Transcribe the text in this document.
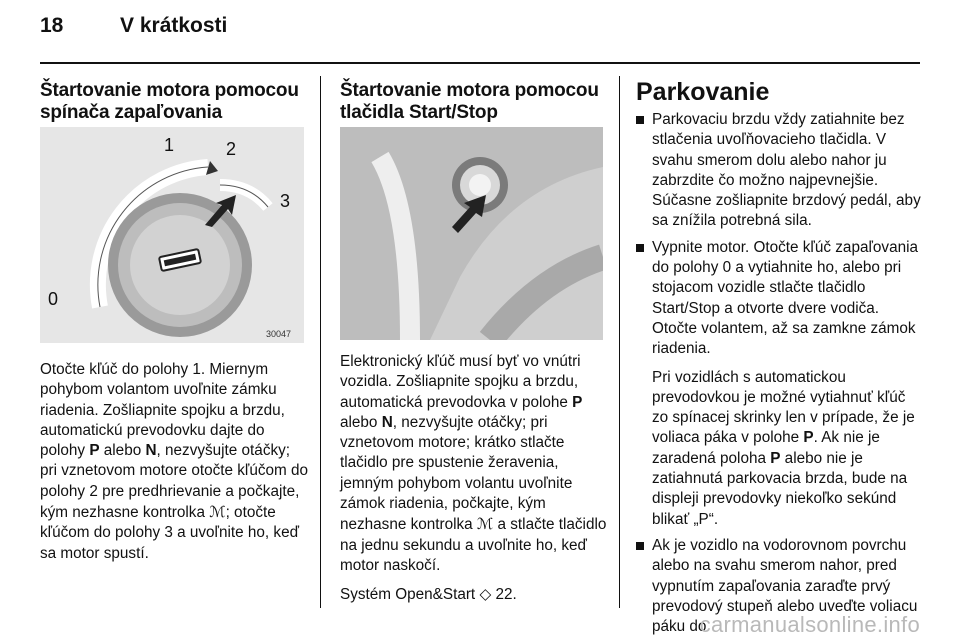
18	V krátkosti
Štartovanie motora pomocou spínača zapaľovania
0
1	2
3
30047

Otočte kľúč do polohy 1. Miernym pohybom volantom uvoľnite zámku riadenia. Zošliapnite spojku a brzdu, automatickú prevodovku dajte do polohy P alebo N, nezvyšujte otáčky; pri vznetovom motore otočte kľúčom do polohy 2 pre predhrievanie a počkajte, kým nezhasne kontrolka ℳ; otočte kľúčom do polohy 3 a uvoľnite ho, keď sa motor spustí.

Štartovanie motora pomocou tlačidla Start/Stop

Elektronický kľúč musí byť vo vnútri vozidla. Zošliapnite spojku a brzdu, automatická prevodovka v polohe P alebo N, nezvyšujte otáčky; pri vznetovom motore; krátko stlačte tlačidlo pre spustenie žeravenia, jemným pohybom volantu uvoľnite zámok riadenia, počkajte, kým nezhasne kontrolka ℳ a stlačte tlačidlo na jednu sekundu a uvoľnite ho, keď motor naskočí.

Systém Open&Start ◇ 22.

Parkovanie
Parkovaciu brzdu vždy zatiahnite bez stlačenia uvoľňovacieho tlačidla. V svahu smerom dolu alebo nahor ju zabrzdite čo možno najpevnejšie. Súčasne zošliapnite brzdový pedál, aby sa znížila potrebná sila.
Vypnite motor. Otočte kľúč zapaľovania do polohy 0 a vytiahnite ho, alebo pri stojacom vozidle stlačte tlačidlo Start/Stop a otvorte dvere vodiča. Otočte volantem, až sa zamkne zámok riadenia.

Pri vozidlách s automatickou prevodovkou je možné vytiahnuť kľúč zo spínacej skrinky len v prípade, že je voliaca páka v polohe P. Ak nie je zaradená poloha P alebo nie je zatiahnutá parkovacia brzda, bude na displeji prevodovky niekoľko sekúnd blikať „P“.

Ak je vozidlo na vodorovnom povrchu alebo na svahu smerom nahor, pred vypnutím zapaľovania zaraďte prvý prevodový stupeň alebo uveďte voliacu páku do
carmanualsonline.info
